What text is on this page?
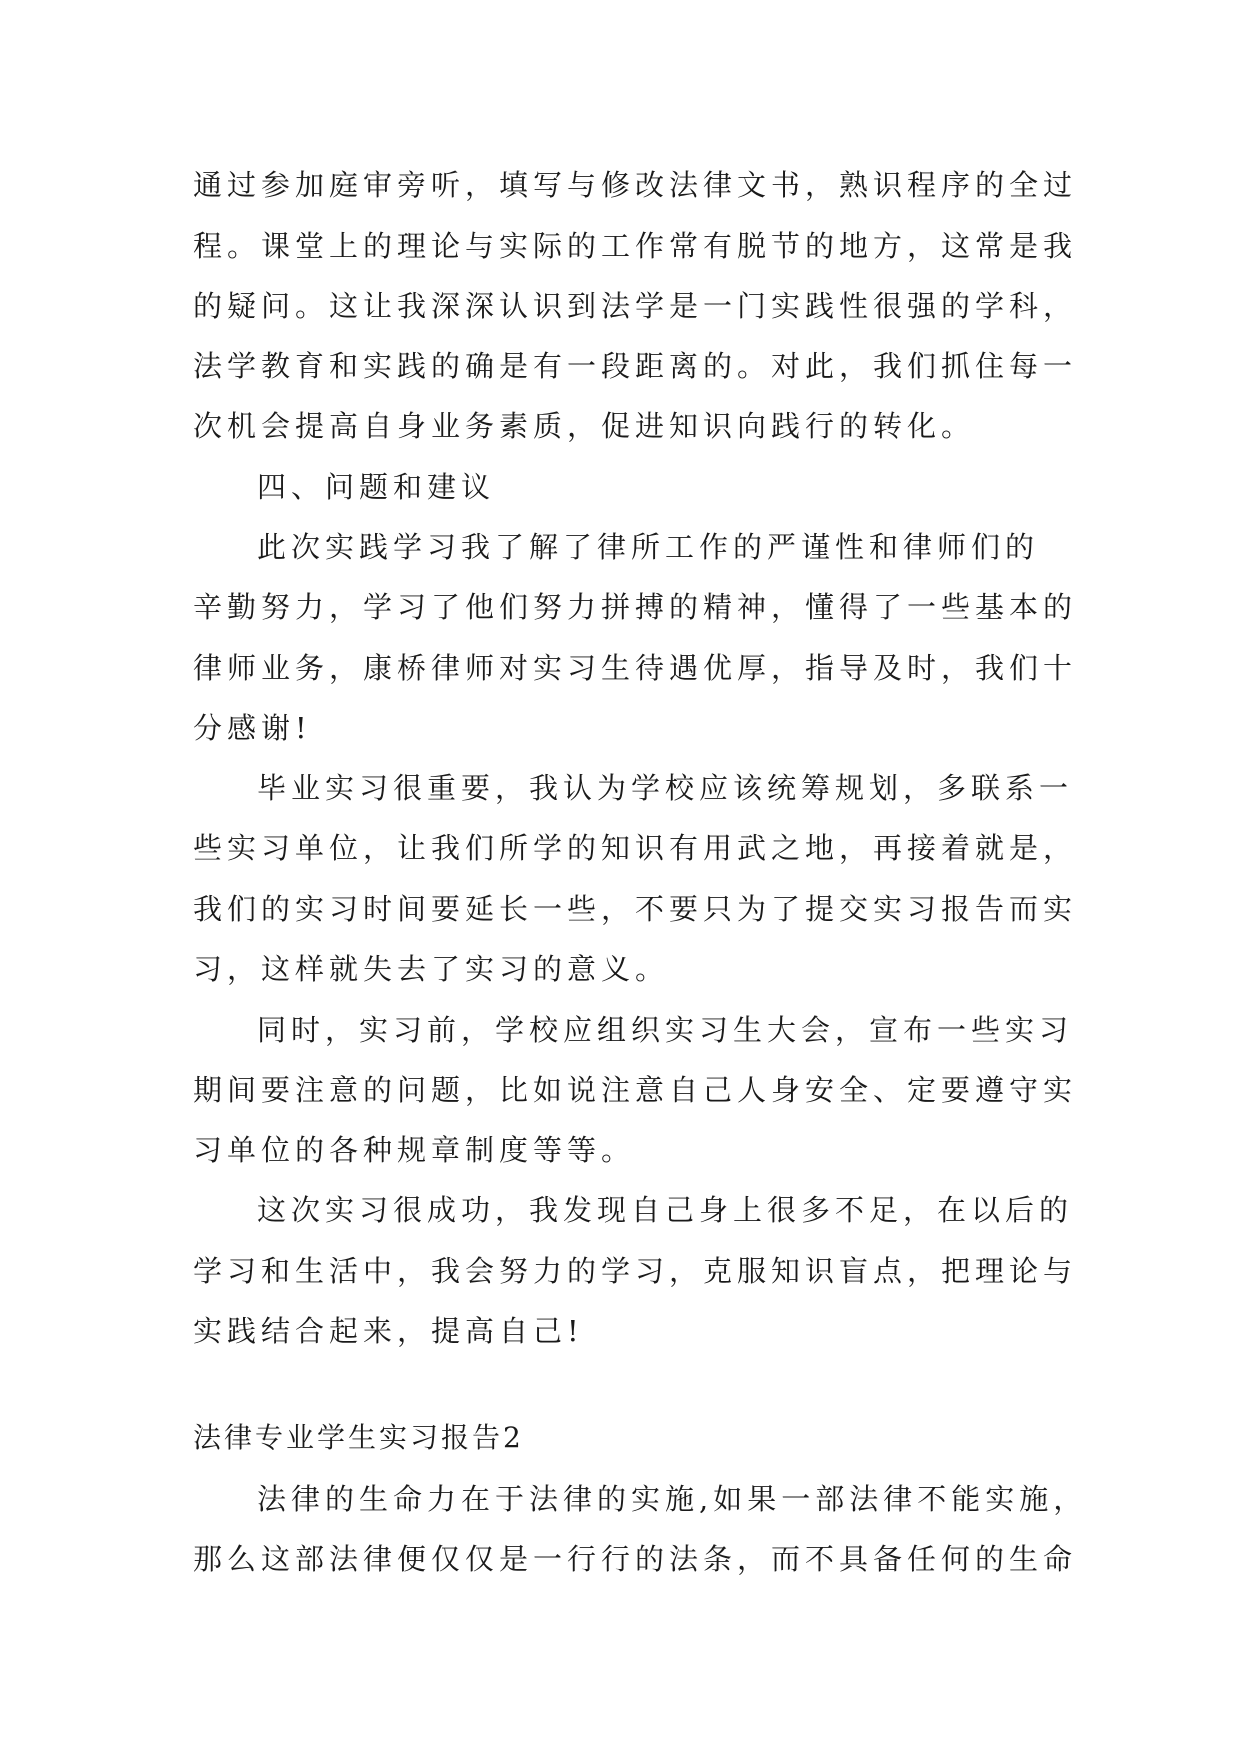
通过参加庭审旁听，填写与修改法律文书，熟识程序的全过
程。课堂上的理论与实际的工作常有脱节的地方，这常是我
的疑问。这让我深深认识到法学是一门实践性很强的学科，
法学教育和实践的确是有一段距离的。对此，我们抓住每一
次机会提高自身业务素质，促进知识向践行的转化。
四、问题和建议
此次实践学习我了解了律所工作的严谨性和律师们的
辛勤努力，学习了他们努力拼搏的精神，懂得了一些基本的
律师业务，康桥律师对实习生待遇优厚，指导及时，我们十
分感谢!
毕业实习很重要，我认为学校应该统筹规划，多联系一
些实习单位，让我们所学的知识有用武之地，再接着就是，
我们的实习时间要延长一些，不要只为了提交实习报告而实
习，这样就失去了实习的意义。
同时，实习前，学校应组织实习生大会，宣布一些实习
期间要注意的问题，比如说注意自己人身安全、定要遵守实
习单位的各种规章制度等等。
这次实习很成功，我发现自己身上很多不足，在以后的
学习和生活中，我会努力的学习，克服知识盲点，把理论与
实践结合起来，提高自己!
法律专业学生实习报告2
法律的生命力在于法律的实施,如果一部法律不能实施，
那么这部法律便仅仅是一行行的法条，而不具备任何的生命
